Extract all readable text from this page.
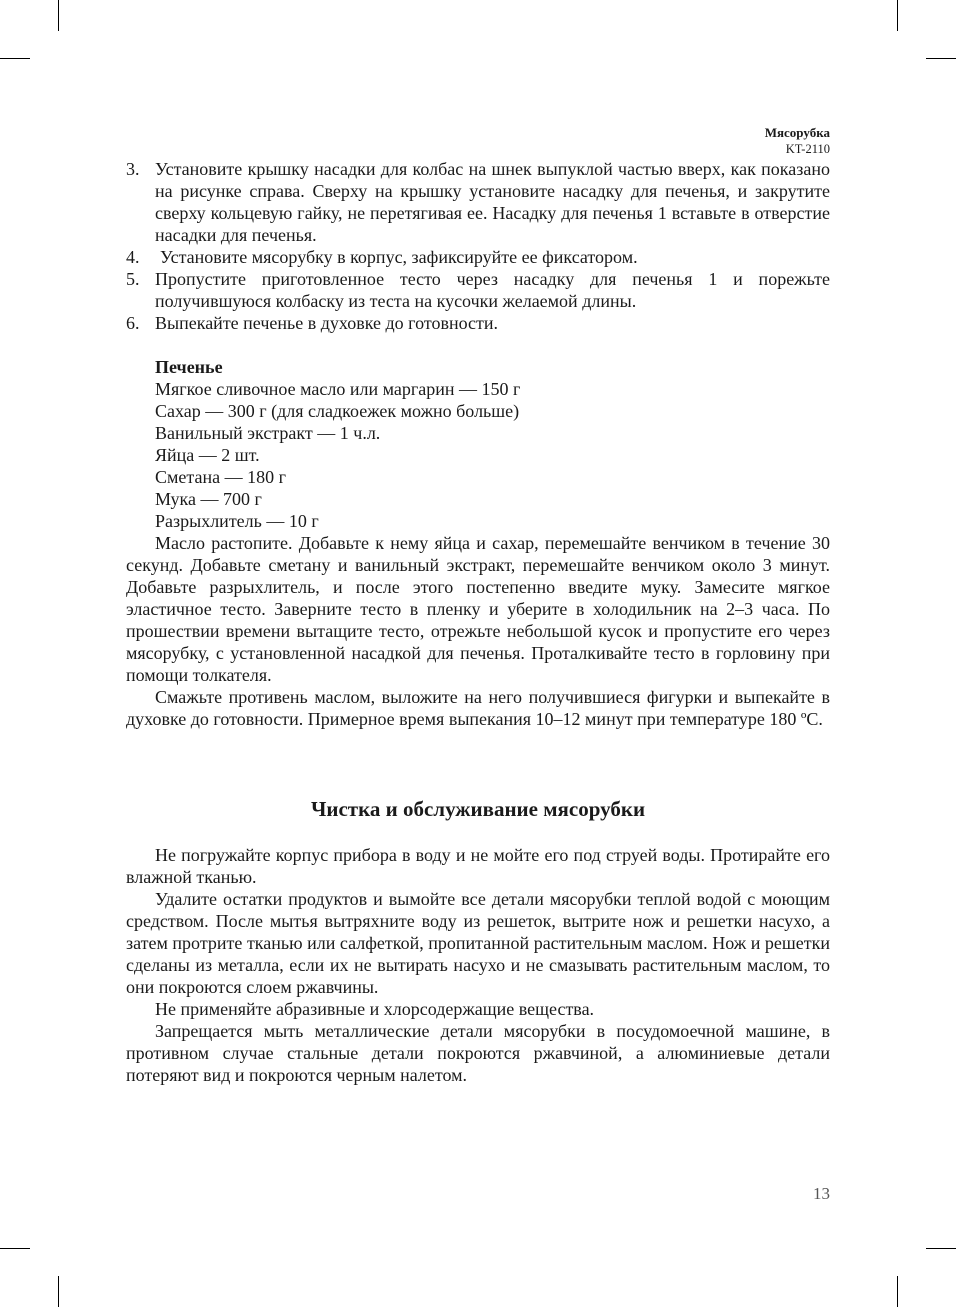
Мясорубка
KT-2110
3. Установите крышку насадки для колбас на шнек выпуклой частью вверх, как показано на рисунке справа. Сверху на крышку установите насадку для печенья, и закрутите сверху кольцевую гайку, не перетягивая ее. Насадку для печенья 1 вставьте в отверстие насадки для печенья.
4. Установите мясорубку в корпус, зафиксируйте ее фиксатором.
5. Пропустите приготовленное тесто через насадку для печенья 1 и порежьте получившуюся колбаску из теста на кусочки желаемой длины.
6. Выпекайте печенье в духовке до готовности.
Печенье
Мягкое сливочное масло или маргарин — 150 г
Сахар — 300 г (для сладкоежек можно больше)
Ванильный экстракт — 1 ч.л.
Яйца — 2 шт.
Сметана — 180 г
Мука — 700 г
Разрыхлитель — 10 г

Масло растопите. Добавьте к нему яйца и сахар, перемешайте венчиком в течение 30 секунд. Добавьте сметану и ванильный экстракт, перемешайте венчиком около 3 минут. Добавьте разрыхлитель, и после этого постепенно введите муку. Замесите мягкое эластичное тесто. Заверните тесто в пленку и уберите в холодильник на 2–3 часа. По прошествии времени вытащите тесто, отрежьте небольшой кусок и пропустите его через мясорубку, с установленной насадкой для печенья. Проталкивайте тесто в горловину при помощи толкателя.

Смажьте противень маслом, выложите на него получившиеся фигурки и выпекайте в духовке до готовности. Примерное время выпекания 10–12 минут при температуре 180 ºС.

Чистка и обслуживание мясорубки

Не погружайте корпус прибора в воду и не мойте его под струей воды. Протирайте его влажной тканью.

Удалите остатки продуктов и вымойте все детали мясорубки теплой водой с моющим средством. После мытья вытряхните воду из решеток, вытрите нож и решетки насухо, а затем протрите тканью или салфеткой, пропитанной растительным маслом. Нож и решетки сделаны из металла, если их не вытирать насухо и не смазывать растительным маслом, то они покроются слоем ржавчины.

Не применяйте абразивные и хлорсодержащие вещества.

Запрещается мыть металлические детали мясорубки в посудомоечной машине, в противном случае стальные детали покроются ржавчиной, а алюминиевые детали потеряют вид и покроются черным налетом.

13
